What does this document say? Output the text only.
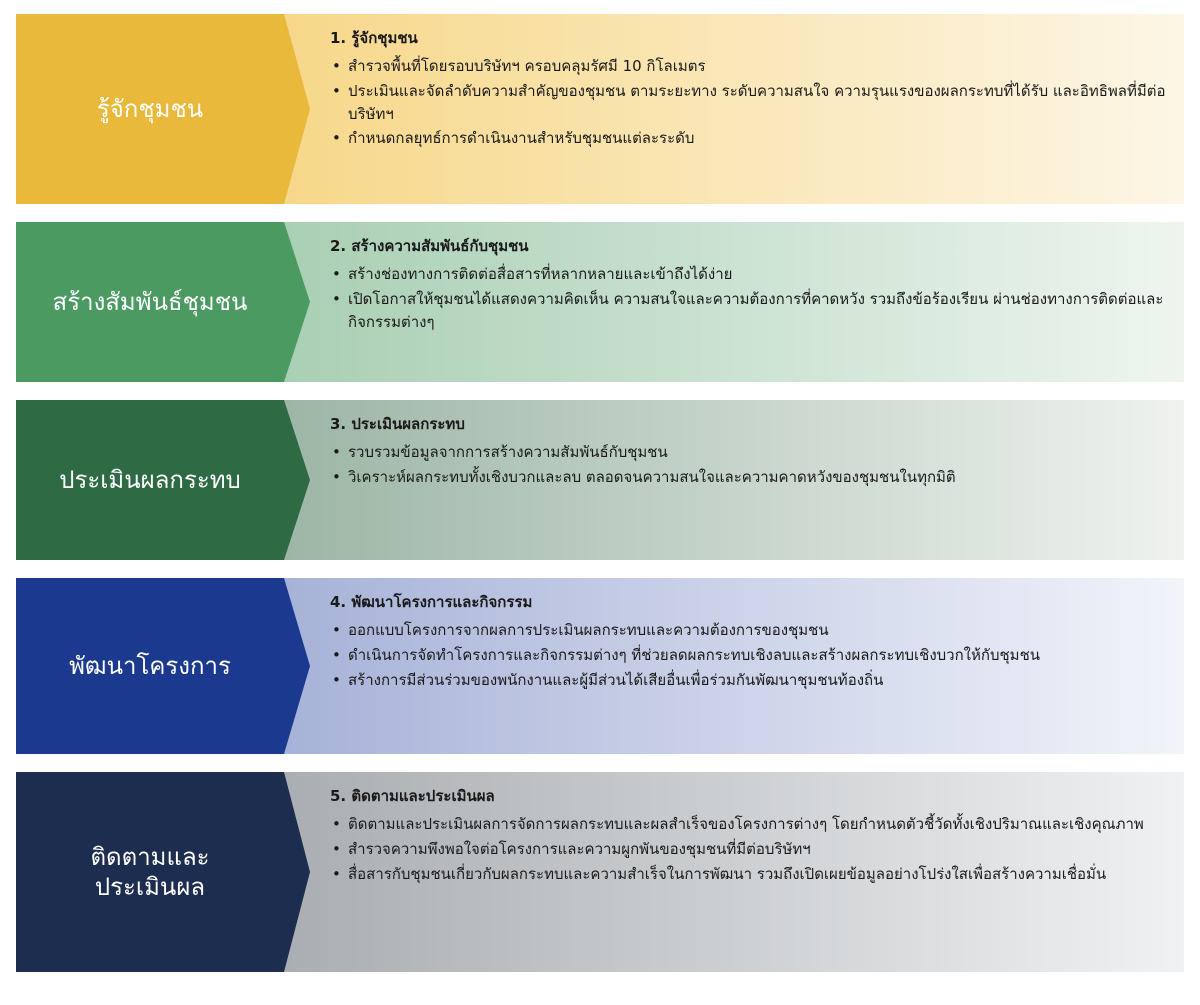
รู้จักชุมชน
1. รู้จักชุมชน
• สำรวจพื้นที่โดยรอบบริษัทฯ ครอบคลุมรัศมี 10 กิโลเมตร
• ประเมินและจัดลำดับความสำคัญของชุมชน ตามระยะทาง ระดับความสนใจ ความรุนแรงของผลกระทบที่ได้รับ และอิทธิพลที่มีต่อบริษัทฯ
• กำหนดกลยุทธ์การดำเนินงานสำหรับชุมชนแต่ละระดับ
สร้างสัมพันธ์ชุมชน
2. สร้างความสัมพันธ์กับชุมชน
• สร้างช่องทางการติดต่อสื่อสารที่หลากหลายและเข้าถึงได้ง่าย
• เปิดโอกาสให้ชุมชนได้แสดงความคิดเห็น ความสนใจและความต้องการที่คาดหวัง รวมถึงข้อร้องเรียน ผ่านช่องทางการติดต่อและกิจกรรมต่างๆ
ประเมินผลกระทบ
3. ประเมินผลกระทบ
• รวบรวมข้อมูลจากการสร้างความสัมพันธ์กับชุมชน
• วิเคราะห์ผลกระทบทั้งเชิงบวกและลบ ตลอดจนความสนใจและความคาดหวังของชุมชนในทุกมิติ
พัฒนาโครงการ
4. พัฒนาโครงการและกิจกรรม
• ออกแบบโครงการจากผลการประเมินผลกระทบและความต้องการของชุมชน
• ดำเนินการจัดทำโครงการและกิจกรรมต่างๆ ที่ช่วยลดผลกระทบเชิงลบและสร้างผลกระทบเชิงบวกให้กับชุมชน
• สร้างการมีส่วนร่วมของพนักงานและผู้มีส่วนได้เสียอื่นเพื่อร่วมกันพัฒนาชุมชนท้องถิ่น
ติดตามและ
ประเมินผล
5. ติดตามและประเมินผล
• ติดตามและประเมินผลการจัดการผลกระทบและผลสำเร็จของโครงการต่างๆ โดยกำหนดตัวชี้วัดทั้งเชิงปริมาณและเชิงคุณภาพ
• สำรวจความพึงพอใจต่อโครงการและความผูกพันของชุมชนที่มีต่อบริษัทฯ
• สื่อสารกับชุมชนเกี่ยวกับผลกระทบและความสำเร็จในการพัฒนา รวมถึงเปิดเผยข้อมูลอย่างโปร่งใสเพื่อสร้างความเชื่อมั่น
